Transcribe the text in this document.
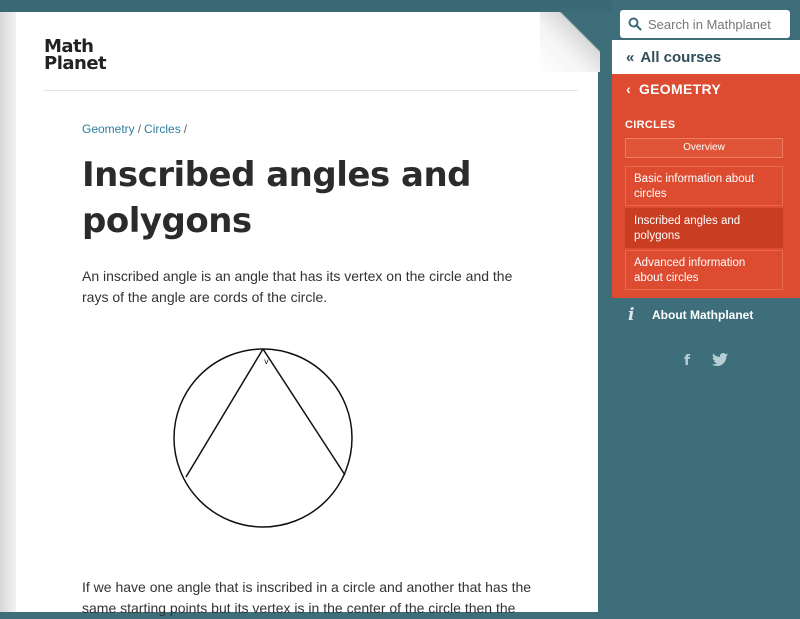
Math
Planet
Geometry / Circles /
Inscribed angles and polygons

An inscribed angle is an angle that has its vertex on the circle and the rays of the angle are cords of the circle.

v

If we have one angle that is inscribed in a circle and another that has the same starting points but its vertex is in the center of the circle then the

Search in Mathplanet
« All courses
‹ GEOMETRY
CIRCLES
Overview
Basic information about circles
Inscribed angles and polygons
Advanced information about circles
i	About Mathplanet
f
